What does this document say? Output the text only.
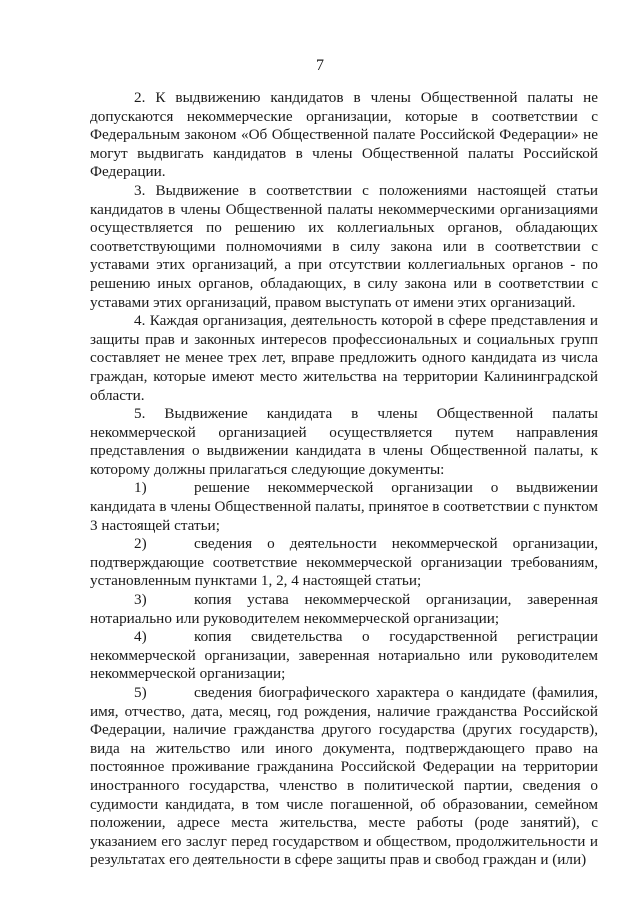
7

2. К выдвижению кандидатов в члены Общественной палаты не допускаются некоммерческие организации, которые в соответствии с Федеральным законом «Об Общественной палате Российской Федерации» не могут выдвигать кандидатов в члены Общественной палаты Российской Федерации.

3. Выдвижение в соответствии с положениями настоящей статьи кандидатов в члены Общественной палаты некоммерческими организациями осуществляется по решению их коллегиальных органов, обладающих соответствующими полномочиями в силу закона или в соответствии с уставами этих организаций, а при отсутствии коллегиальных органов - по решению иных органов, обладающих, в силу закона или в соответствии с уставами этих организаций, правом выступать от имени этих организаций.

4. Каждая организация, деятельность которой в сфере представления и защиты прав и законных интересов профессиональных и социальных групп составляет не менее трех лет, вправе предложить одного кандидата из числа граждан, которые имеют место жительства на территории Калининградской области.

5. Выдвижение кандидата в члены Общественной палаты некоммерческой организацией осуществляется путем направления представления о выдвижении кандидата в члены Общественной палаты, к которому должны прилагаться следующие документы:

1)	решение некоммерческой организации о выдвижении кандидата в члены Общественной палаты, принятое в соответствии с пунктом 3 настоящей статьи;
2)	сведения о деятельности некоммерческой организации, подтверждающие соответствие некоммерческой организации требованиям, установленным пунктами 1, 2, 4 настоящей статьи;
3)	копия устава некоммерческой организации, заверенная нотариально или руководителем некоммерческой организации;
4)	копия свидетельства о государственной регистрации некоммерческой организации, заверенная нотариально или руководителем некоммерческой организации;
5)	сведения биографического характера о кандидате (фамилия, имя, отчество, дата, месяц, год рождения, наличие гражданства Российской Федерации, наличие гражданства другого государства (других государств), вида на жительство или иного документа, подтверждающего право на постоянное проживание гражданина Российской Федерации на территории иностранного государства, членство в политической партии, сведения о судимости кандидата, в том числе погашенной, об образовании, семейном положении, адресе места жительства, месте работы (роде занятий), с указанием его заслуг перед государством и обществом, продолжительности и результатах его деятельности в сфере защиты прав и свобод граждан и (или)
